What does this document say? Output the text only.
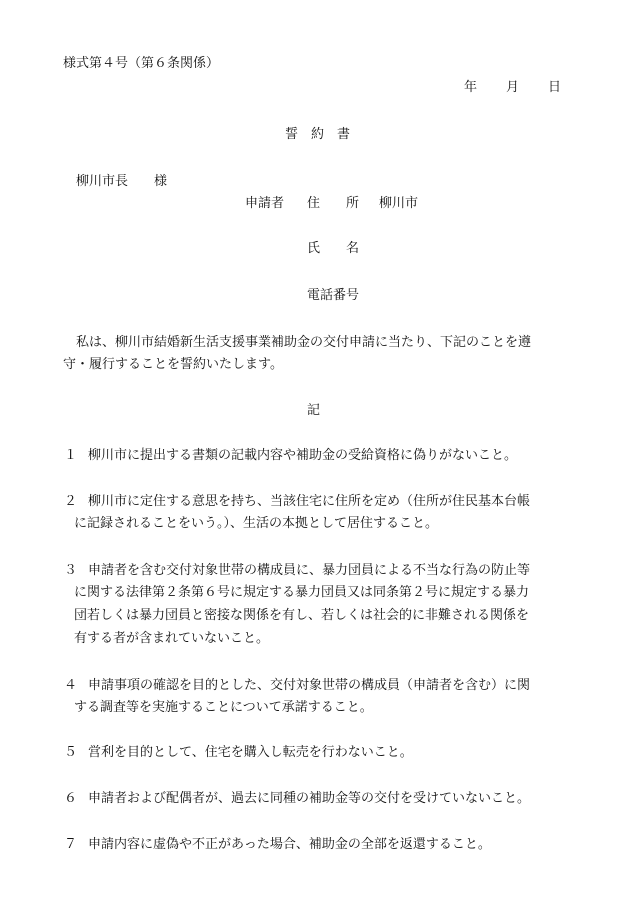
様式第４号（第６条関係）
年 月 日
誓　約　書
柳川市長　　様
申請者 住　　所 柳川市
氏　　名
電話番号
私は、柳川市結婚新生活支援事業補助金の交付申請に当たり、下記のことを遵
守・履行することを誓約いたします。
記
１ 柳川市に提出する書類の記載内容や補助金の受給資格に偽りがないこと。
２ 柳川市に定住する意思を持ち、当該住宅に住所を定め（住所が住民基本台帳
に記録されることをいう。）、生活の本拠として居住すること。
３ 申請者を含む交付対象世帯の構成員に、暴力団員による不当な行為の防止等
に関する法律第２条第６号に規定する暴力団員又は同条第２号に規定する暴力
団若しくは暴力団員と密接な関係を有し、若しくは社会的に非難される関係を
有する者が含まれていないこと。
４ 申請事項の確認を目的とした、交付対象世帯の構成員（申請者を含む）に関
する調査等を実施することについて承諾すること。
５ 営利を目的として、住宅を購入し転売を行わないこと。
６ 申請者および配偶者が、過去に同種の補助金等の交付を受けていないこと。
７ 申請内容に虚偽や不正があった場合、補助金の全部を返還すること。
